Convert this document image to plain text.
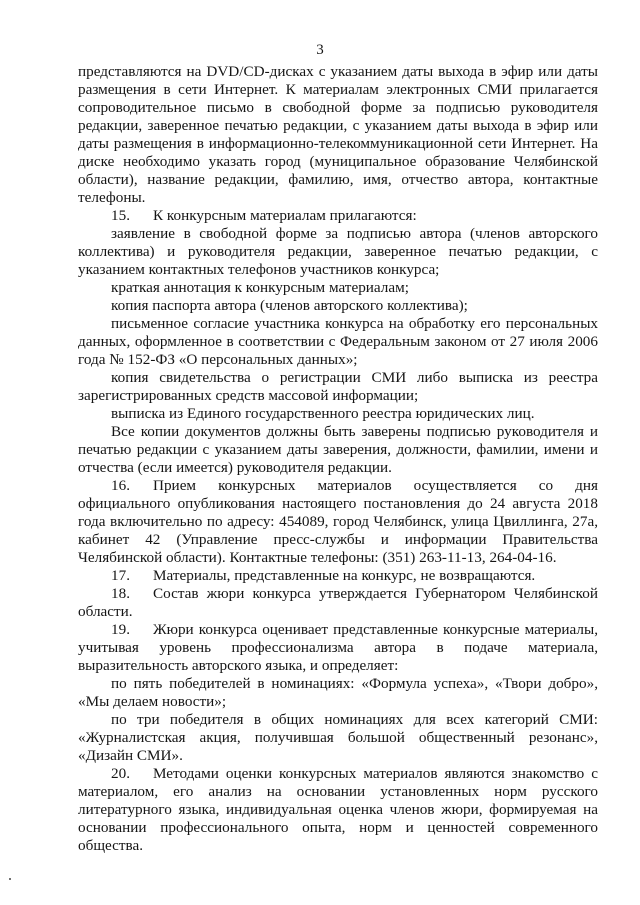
3

представляются на DVD/CD-дисках с указанием даты выхода в эфир или даты размещения в сети Интернет. К материалам электронных СМИ прилагается сопроводительное письмо в свободной форме за подписью руководителя редакции, заверенное печатью редакции, с указанием даты выхода в эфир или даты размещения в информационно-телекоммуникационной сети Интернет. На диске необходимо указать город (муниципальное образование Челябинской области), название редакции, фамилию, имя, отчество автора, контактные телефоны.

15. К конкурсным материалам прилагаются:

заявление в свободной форме за подписью автора (членов авторского коллектива) и руководителя редакции, заверенное печатью редакции, с указанием контактных телефонов участников конкурса;

краткая аннотация к конкурсным материалам;

копия паспорта автора (членов авторского коллектива);

письменное согласие участника конкурса на обработку его персональных данных, оформленное в соответствии с Федеральным законом от 27 июля 2006 года № 152-ФЗ «О персональных данных»;

копия свидетельства о регистрации СМИ либо выписка из реестра зарегистрированных средств массовой информации;

выписка из Единого государственного реестра юридических лиц.

Все копии документов должны быть заверены подписью руководителя и печатью редакции с указанием даты заверения, должности, фамилии, имени и отчества (если имеется) руководителя редакции.

16. Прием конкурсных материалов осуществляется со дня официального опубликования настоящего постановления до 24 августа 2018 года включительно по адресу: 454089, город Челябинск, улица Цвиллинга, 27а, кабинет 42 (Управление пресс-службы и информации Правительства Челябинской области). Контактные телефоны: (351) 263-11-13, 264-04-16.

17. Материалы, представленные на конкурс, не возвращаются.

18. Состав жюри конкурса утверждается Губернатором Челябинской области.

19. Жюри конкурса оценивает представленные конкурсные материалы, учитывая уровень профессионализма автора в подаче материала, выразительность авторского языка, и определяет:

по пять победителей в номинациях: «Формула успеха», «Твори добро», «Мы делаем новости»;

по три победителя в общих номинациях для всех категорий СМИ: «Журналистская акция, получившая большой общественный резонанс», «Дизайн СМИ».

20. Методами оценки конкурсных материалов являются знакомство с материалом, его анализ на основании установленных норм русского литературного языка, индивидуальная оценка членов жюри, формируемая на основании профессионального опыта, норм и ценностей современного общества.
